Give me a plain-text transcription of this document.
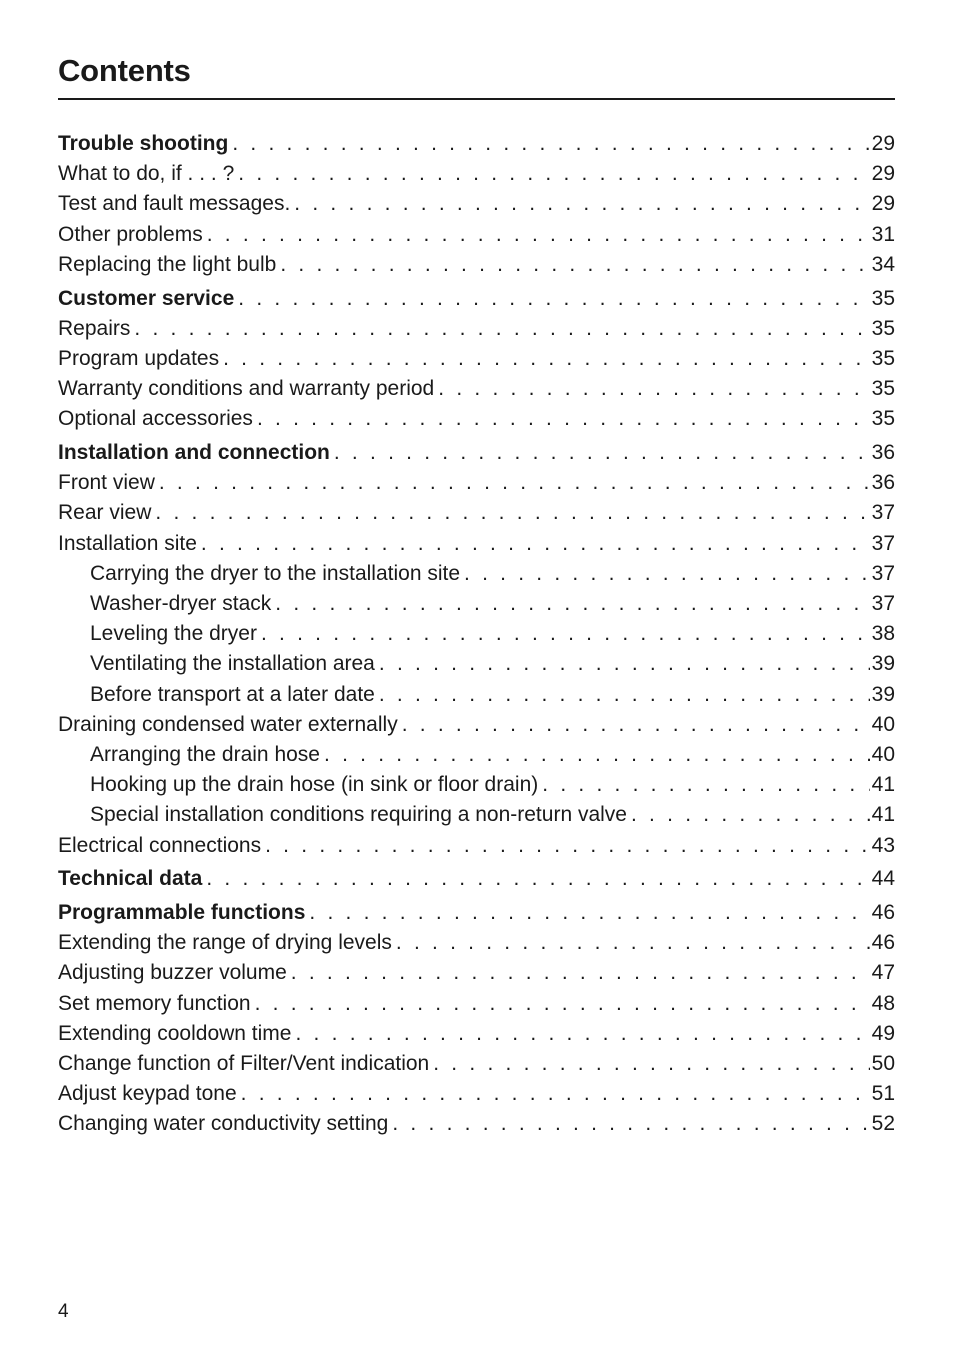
Contents
Trouble shooting . . .	29
What to do, if . . . ? . . .	29
Test and fault messages. . . .	29
Other problems . . .	31
Replacing the light bulb . . .	34
Customer service . . .	35
Repairs . . .	35
Program updates . . .	35
Warranty conditions and warranty period . . .	35
Optional accessories . . .	35
Installation and connection . . .	36
Front view . . .	36
Rear view . . .	37
Installation site . . .	37
Carrying the dryer to the installation site . . .	37
Washer-dryer stack . . .	37
Leveling the dryer . . .	38
Ventilating the installation area . . .	39
Before transport at a later date . . .	39
Draining condensed water externally . . .	40
Arranging the drain hose . . .	40
Hooking up the drain hose (in sink or floor drain) . . .	41
Special installation conditions requiring a non-return valve . . .	41
Electrical connections . . .	43
Technical data . . .	44
Programmable functions . . .	46
Extending the range of drying levels . . .	46
Adjusting buzzer volume . . .	47
Set memory function . . .	48
Extending cooldown time . . .	49
Change function of Filter/Vent indication . . .	50
Adjust keypad tone . . .	51
Changing water conductivity setting . . .	52
4
